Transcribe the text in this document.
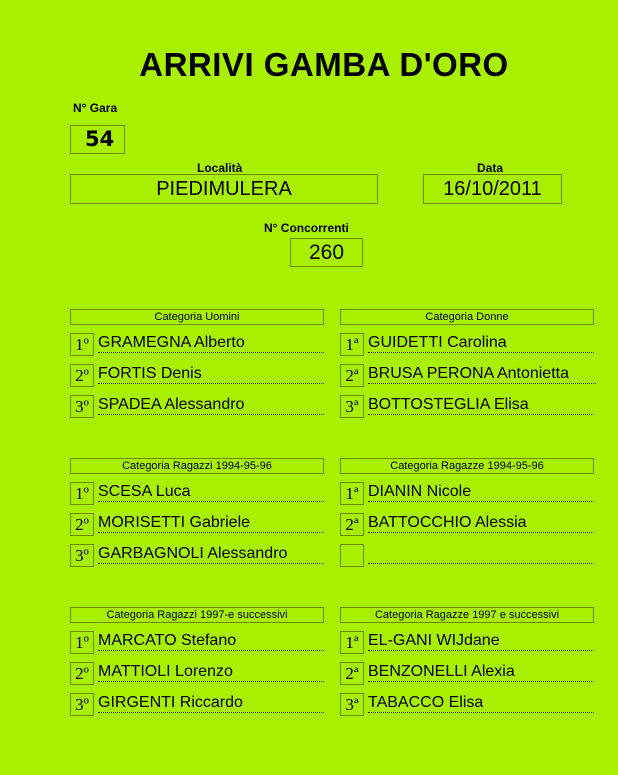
ARRIVI GAMBA D'ORO
N° Gara
54
Località
PIEDIMULERA
Data
16/10/2011
N° Concorrenti
260
Categoria Uomini
1º GRAMEGNA Alberto
2º FORTIS Denis
3º SPADEA Alessandro
Categoria Donne
1ª GUIDETTI Carolina
2ª BRUSA PERONA Antonietta
3ª BOTTOSTEGLIA Elisa
Categoria Ragazzi 1994-95-96
1º SCESA Luca
2º MORISETTI Gabriele
3º GARBAGNOLI Alessandro
Categoria Ragazze 1994-95-96
1ª DIANIN Nicole
2ª BATTOCCHIO Alessia
Categoria Ragazzi 1997-e successivi
1º MARCATO Stefano
2º MATTIOLI Lorenzo
3º GIRGENTI Riccardo
Categoria Ragazze 1997 e successivi
1ª EL-GANI WIJdane
2ª BENZONELLI Alexia
3ª TABACCO Elisa
